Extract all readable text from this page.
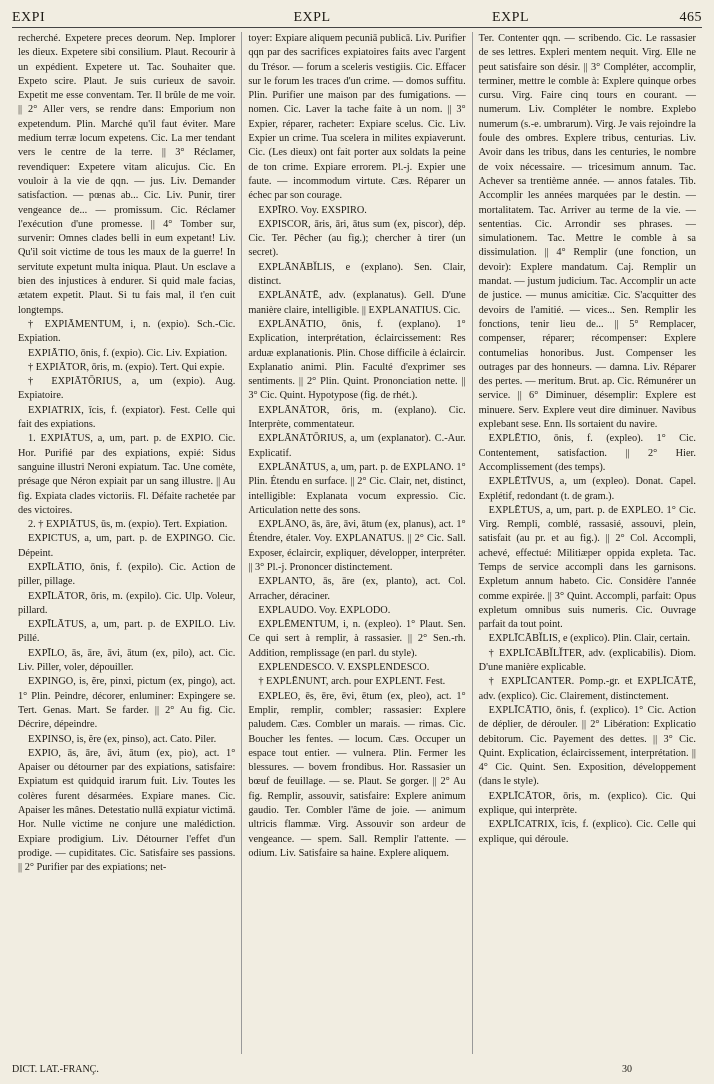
EXPI	EXPL	EXPL	465

recherché. Expetere preces deorum. Nep. Implorer les dieux. Expetere sibi consilium. Plaut. Recourir à un expédient. Expetere ut. Tac. Souhaiter que. Expeto scire. Plaut. Je suis curieux de savoir. Expetit me esse conventam. Ter. Il brûle de me voir. || 2° Aller vers, se rendre dans: Emporium non expetendum. Plin. Marché qu'il faut éviter. Mare medium terræ locum expetens. Cic. La mer tendant vers le centre de la terre. || 3° Réclamer, revendiquer: Expetere vitam alicujus. Cic. En vouloir à la vie de qqn. — jus. Liv. Demander satisfaction. — pœnas ab... Cic. Liv. Punir, tirer vengeance de... — promissum. Cic. Réclamer l'exécution d'une promesse. || 4° Tomber sur, survenir: Omnes clades belli in eum expetant! Liv. Qu'il soit victime de tous les maux de la guerre! In servitute expetunt multa iniqua. Plaut. Un esclave a bien des injustices à endurer. Si quid male facias, ætatem expetit. Plaut. Si tu fais mal, il t'en cuit longtemps.

† EXPIĀMENTUM, i, n. (expio). Sch.-Cic. Expiation.

EXPIĀTIO, ōnis, f. (expio). Cic. Liv. Expiation.

† EXPIĀTOR, ōris, m. (expio). Tert. Qui expie.

† EXPIĀTŌRIUS, a, um (expio). Aug. Expiatoire.

EXPIATRIX, īcis, f. (expiator). Fest. Celle qui fait des expiations.

1. EXPIĀTUS, a, um, part. p. de EXPIO. Cic. Hor. Purifié par des expiations, expié: Sidus sanguine illustri Neroni expiatum. Tac. Une comète, présage que Néron expiait par un sang illustre. || Au fig. Expiata clades victoriis. Fl. Défaite rachetée par des victoires.

2. † EXPIĀTUS, ūs, m. (expio). Tert. Expiation.

EXPICTUS, a, um, part. p. de EXPINGO. Cic. Dépeint.

EXPĪLĀTIO, ōnis, f. (expilo). Cic. Action de piller, pillage.

EXPĪLĀTOR, ōris, m. (expilo). Cic. Ulp. Voleur, pillard.

EXPĪLĀTUS, a, um, part. p. de EXPILO. Liv. Pillé.

EXPĪLO, ās, āre, āvi, ātum (ex, pilo), act. Cic. Liv. Piller, voler, dépouiller.

EXPINGO, is, ĕre, pinxi, pictum (ex, pingo), act. 1° Plin. Peindre, décorer, enluminer: Expingere se. Tert. Genas. Mart. Se farder. || 2° Au fig. Cic. Décrire, dépeindre.

EXPINSO, is, ĕre (ex, pinso), act. Cato. Piler.

EXPIO, ās, āre, āvi, ātum (ex, pio), act. 1° Apaiser ou détourner par des expiations, satisfaire: Expiatum est quidquid irarum fuit. Liv. Toutes les colères furent désarmées. Expiare manes. Cic. Apaiser les mânes. Detestatio nullā expiatur victimā. Hor. Nulle victime ne conjure une malédiction. Expiare prodigium. Liv. Détourner l'effet d'un prodige. — cupiditates. Cic. Satisfaire ses passions. || 2° Purifier par des expiations; net-

toyer: Expiare aliquem pecuniā publicā. Liv. Purifier qqn par des sacrifices expiatoires faits avec l'argent du Trésor. — forum a sceleris vestigiis. Cic. Effacer sur le forum les traces d'un crime. — domos suffitu. Plin. Purifier une maison par des fumigations. — nomen. Cic. Laver la tache faite à un nom. || 3° Expier, réparer, racheter: Expiare scelus. Cic. Liv. Expier un crime. Tua scelera in milites expiaverunt. Cic. (Les dieux) ont fait porter aux soldats la peine de ton crime. Expiare errorem. Pl.-j. Expier une faute. — incommodum virtute. Cæs. Réparer un échec par son courage.

EXPĪRO. Voy. EXSPIRO.

EXPISCOR, āris, āri, ātus sum (ex, piscor), dép. Cic. Ter. Pêcher (au fig.); chercher à tirer (un secret).

EXPLĀNĀBĬLIS, e (explano). Sen. Clair, distinct.

EXPLĀNĀTĒ, adv. (explanatus). Gell. D'une manière claire, intelligible. || EXPLANATIUS. Cic.

EXPLĀNĀTIO, ōnis, f. (explano). 1° Explication, interprétation, éclaircissement: Res arduæ explanationis. Plin. Chose difficile à éclaircir. Explanatio animi. Plin. Faculté d'exprimer ses sentiments. || 2° Plin. Quint. Prononciation nette. || 3° Cic. Quint. Hypotypose (fig. de rhét.).

EXPLĀNĀTOR, ōris, m. (explano). Cic. Interprète, commentateur.

EXPLĀNĀTŌRIUS, a, um (explanator). C.-Aur. Explicatif.

EXPLĀNĀTUS, a, um, part. p. de EXPLANO. 1° Plin. Étendu en surface. || 2° Cic. Clair, net, distinct, intelligible: Explanata vocum expressio. Cic. Articulation nette des sons.

EXPLĀNO, ās, āre, āvi, ātum (ex, planus), act. 1° Étendre, étaler. Voy. EXPLANATUS. || 2° Cic. Sall. Exposer, éclaircir, expliquer, développer, interpréter. || 3° Pl.-j. Prononcer distinctement.

EXPLANTO, ās, āre (ex, planto), act. Col. Arracher, déraciner.

EXPLAUDO. Voy. EXPLODO.

EXPLĒMENTUM, i, n. (expleo). 1° Plaut. Sen. Ce qui sert à remplir, à rassasier. || 2° Sen.-rh. Addition, remplissage (en parl. du style).

EXPLENDESCO. V. EXSPLENDESCO.

† EXPLĒNUNT, arch. pour EXPLENT. Fest.

EXPLEO, ēs, ēre, ēvi, ētum (ex, pleo), act. 1° Emplir, remplir, combler; rassasier: Explere paludem. Cæs. Combler un marais. — rimas. Cic. Boucher les fentes. — locum. Cæs. Occuper un espace tout entier. — vulnera. Plin. Fermer les blessures. — bovem frondibus. Hor. Rassasier un bœuf de feuillage. — se. Plaut. Se gorger. || 2° Au fig. Remplir, assouvir, satisfaire: Explere animum gaudio. Ter. Combler l'âme de joie. — animum ultricis flammæ. Virg. Assouvir son ardeur de vengeance. — spem. Sall. Remplir l'attente. — odium. Liv. Satisfaire sa haine. Explere aliquem.

Ter. Contenter qqn. — scribendo. Cic. Le rassasier de ses lettres. Expleri mentem nequit. Virg. Elle ne peut satisfaire son désir. || 3° Compléter, accomplir, terminer, mettre le comble à: Explere quinque orbes cursu. Virg. Faire cinq tours en courant. — numerum. Liv. Compléter le nombre. Explebo numerum (s.-e. umbrarum). Virg. Je vais rejoindre la foule des ombres. Explere tribus, centurias. Liv. Avoir dans les tribus, dans les centuries, le nombre de voix nécessaire. — tricesimum annum. Tac. Achever sa trentième année. — annos fatales. Tib. Accomplir les années marquées par le destin. — mortalitatem. Tac. Arriver au terme de la vie. — sententias. Cic. Arrondir ses phrases. — simulationem. Tac. Mettre le comble à sa dissimulation. || 4° Remplir (une fonction, un devoir): Explere mandatum. Caj. Remplir un mandat. — justum judicium. Tac. Accomplir un acte de justice. — munus amicitiæ. Cic. S'acquitter des devoirs de l'amitié. — vices... Sen. Remplir les fonctions, tenir lieu de... || 5° Remplacer, compenser, réparer; récompenser: Explere contumelias honoribus. Just. Compenser les outrages par des honneurs. — damna. Liv. Réparer des pertes. — meritum. Brut. ap. Cic. Rémunérer un service. || 6° Diminuer, désemplir: Explere est minuere. Serv. Explere veut dire diminuer. Navibus explebant sese. Enn. Ils sortaient du navire.

EXPLĒTIO, ōnis, f. (expleo). 1° Cic. Contentement, satisfaction. || 2° Hier. Accomplissement (des temps).

EXPLĒTĪVUS, a, um (expleo). Donat. Capel. Explétif, redondant (t. de gram.).

EXPLĒTUS, a, um, part. p. de EXPLEO. 1° Cic. Virg. Rempli, comblé, rassasié, assouvi, plein, satisfait (au pr. et au fig.). || 2° Col. Accompli, achevé, effectué: Militiæper oppida expleta. Tac. Temps de service accompli dans les garnisons. Expletum annum habeto. Cic. Considère l'année comme expirée. || 3° Quint. Accompli, parfait: Opus expletum omnibus suis numeris. Cic. Ouvrage parfait da tout point.

EXPLĪCĀBĬLIS, e (explico). Plin. Clair, certain.

† EXPLĪCĀBĬLĬTER, adv. (explicabilis). Diom. D'une manière explicable.

† EXPLĪCANTER. Pomp.-gr. et EXPLĪCĀTĒ, adv. (explico). Cic. Clairement, distinctement.

EXPLĪCĀTIO, ōnis, f. (explico). 1° Cic. Action de déplier, de dérouler. || 2° Libération: Explicatio debitorum. Cic. Payement des dettes. || 3° Cic. Quint. Explication, éclaircissement, interprétation. || 4° Cic. Quint. Sen. Exposition, développement (dans le style).

EXPLĪCĀTOR, ōris, m. (explico). Cic. Qui explique, qui interprète.

EXPLĪCATRIX, īcis, f. (explico). Cic. Celle qui explique, qui déroule.

DICT. LAT.-FRANÇ.	30
